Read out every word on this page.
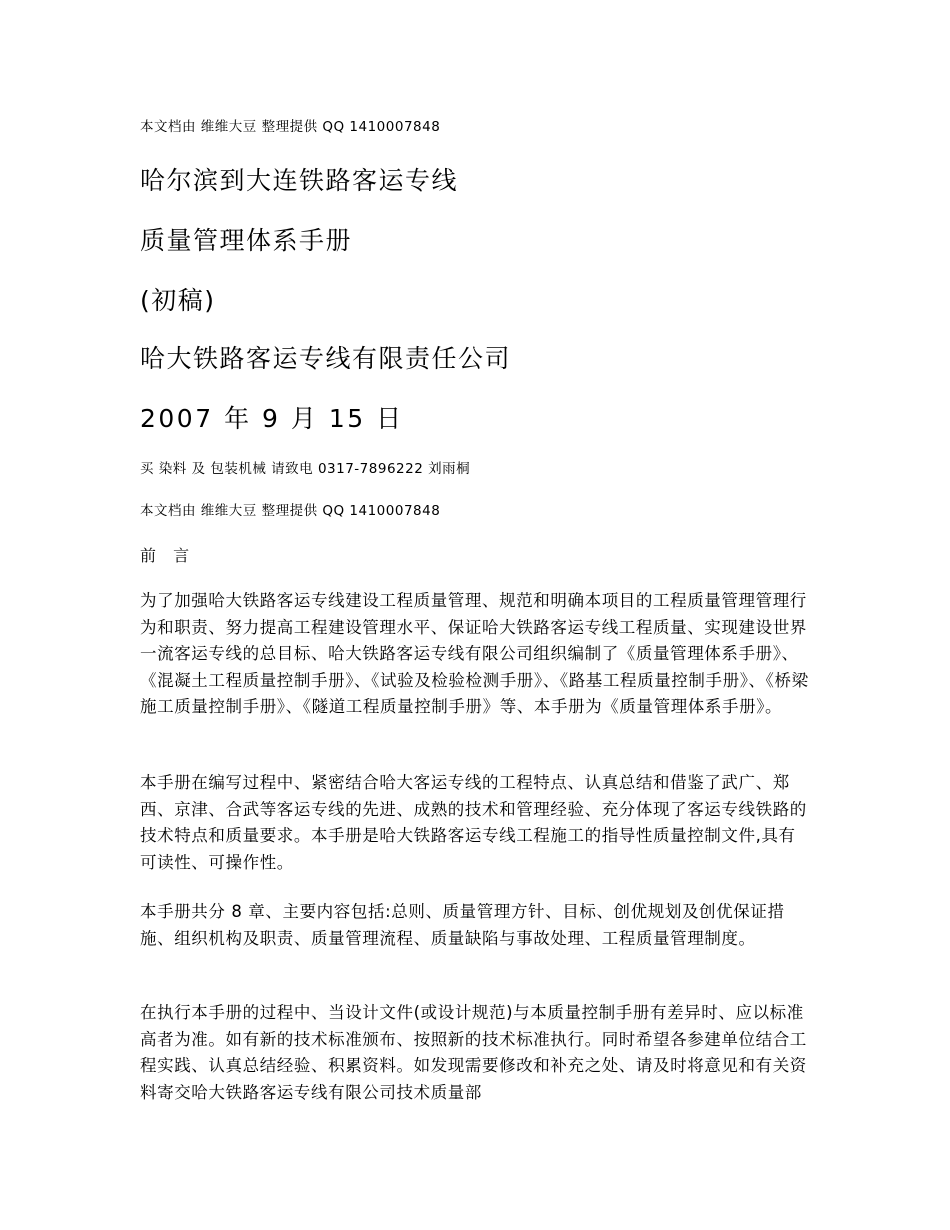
本文档由 维维大豆 整理提供 QQ 1410007848
哈尔滨到大连铁路客运专线
质量管理体系手册
(初稿)
哈大铁路客运专线有限责任公司
2007 年 9 月 15 日
买 染料 及 包装机械 请致电 0317-7896222 刘雨桐
本文档由 维维大豆 整理提供 QQ 1410007848
前 言

为了加强哈大铁路客运专线建设工程质量管理、规范和明确本项目的工程质量管理管理行为和职责、努力提高工程建设管理水平、保证哈大铁路客运专线工程质量、实现建设世界一流客运专线的总目标、哈大铁路客运专线有限公司组织编制了《质量管理体系手册》、《混凝土工程质量控制手册》、《试验及检验检测手册》、《路基工程质量控制手册》、《桥梁施工质量控制手册》、《隧道工程质量控制手册》等、本手册为《质量管理体系手册》。

本手册在编写过程中、紧密结合哈大客运专线的工程特点、认真总结和借鉴了武广、郑西、京津、合武等客运专线的先进、成熟的技术和管理经验、充分体现了客运专线铁路的技术特点和质量要求。本手册是哈大铁路客运专线工程施工的指导性质量控制文件,具有可读性、可操作性。

本手册共分 8 章、主要内容包括:总则、质量管理方针、目标、创优规划及创优保证措施、组织机构及职责、质量管理流程、质量缺陷与事故处理、工程质量管理制度。

在执行本手册的过程中、当设计文件(或设计规范)与本质量控制手册有差异时、应以标准高者为准。如有新的技术标准颁布、按照新的技术标准执行。同时希望各参建单位结合工程实践、认真总结经验、积累资料。如发现需要修改和补充之处、请及时将意见和有关资料寄交哈大铁路客运专线有限公司技术质量部
